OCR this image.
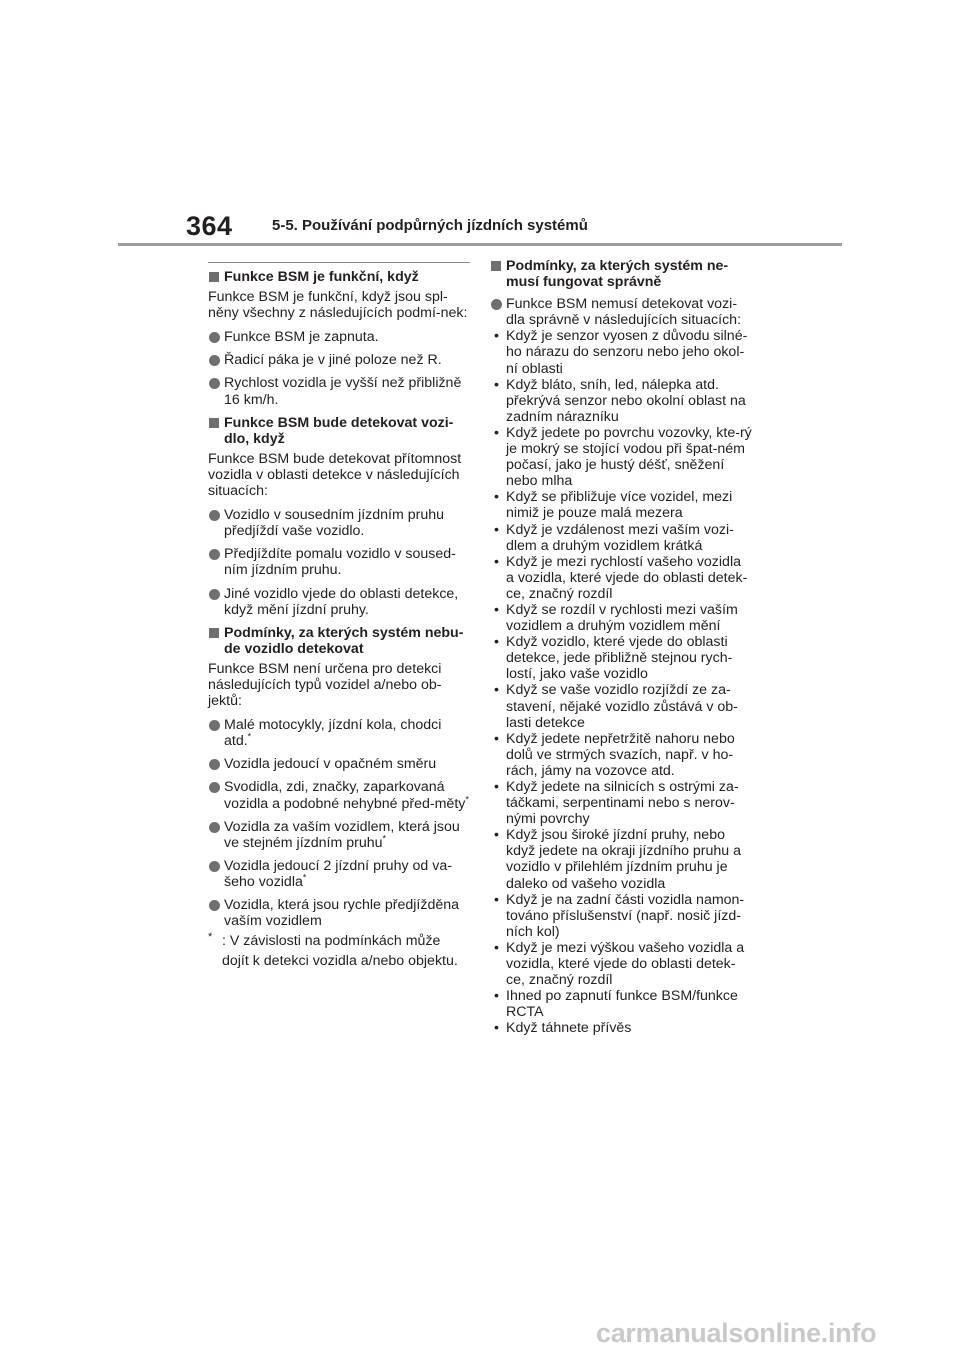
364	5-5. Používání podpůrných jízdních systémů
Funkce BSM je funkční, když

Funkce BSM je funkční, když jsou spl-něny všechny z následujících podmí-nek:

Funkce BSM je zapnuta.
Řadicí páka je v jiné poloze než R.
Rychlost vozidla je vyšší než přibližně 16 km/h.
Funkce BSM bude detekovat vozi-dlo, když

Funkce BSM bude detekovat přítomnost vozidla v oblasti detekce v následujících situacích:

Vozidlo v sousedním jízdním pruhu předjíždí vaše vozidlo.
Předjíždíte pomalu vozidlo v soused-ním jízdním pruhu.
Jiné vozidlo vjede do oblasti detekce, když mění jízdní pruhy.
Podmínky, za kterých systém nebu-de vozidlo detekovat

Funkce BSM není určena pro detekci následujících typů vozidel a/nebo ob-jektů:

Malé motocykly, jízdní kola, chodci atd.*
Vozidla jedoucí v opačném směru
Svodidla, zdi, značky, zaparkovaná vozidla a podobné nehybné před-měty*
Vozidla za vaším vozidlem, která jsou ve stejném jízdním pruhu*
Vozidla jedoucí 2 jízdní pruhy od va-šeho vozidla*
Vozidla, která jsou rychle předjížděna vaším vozidlem
* : V závislosti na podmínkách může dojít k detekci vozidla a/nebo objektu.
Podmínky, za kterých systém ne-musí fungovat správně
Funkce BSM nemusí detekovat vozi-dla správně v následujících situacích:
• Když je senzor vyosen z důvodu silné-ho nárazu do senzoru nebo jeho okol-ní oblasti
• Když bláto, sníh, led, nálepka atd. překrývá senzor nebo okolní oblast na zadním nárazníku
• Když jedete po povrchu vozovky, kte-rý je mokrý se stojící vodou při špat-ném počasí, jako je hustý déšť, sněžení nebo mlha
• Když se přibližuje více vozidel, mezi nimiž je pouze malá mezera
• Když je vzdálenost mezi vaším vozi-dlem a druhým vozidlem krátká
• Když je mezi rychlostí vašeho vozidla a vozidla, které vjede do oblasti detek-ce, značný rozdíl
• Když se rozdíl v rychlosti mezi vaším vozidlem a druhým vozidlem mění
• Když vozidlo, které vjede do oblasti detekce, jede přibližně stejnou rych-lostí, jako vaše vozidlo
• Když se vaše vozidlo rozjíždí ze za-stavení, nějaké vozidlo zůstává v ob-lasti detekce
• Když jedete nepřetržitě nahoru nebo dolů ve strmých svazích, např. v ho-rách, jámy na vozovce atd.
• Když jedete na silnicích s ostrými za-táčkami, serpentinami nebo s nerov-nými povrchy
• Když jsou široké jízdní pruhy, nebo když jedete na okraji jízdního pruhu a vozidlo v přilehlém jízdním pruhu je daleko od vašeho vozidla
• Když je na zadní části vozidla namon-továno příslušenství (např. nosič jízd-ních kol)
• Když je mezi výškou vašeho vozidla a vozidla, které vjede do oblasti detek-ce, značný rozdíl
• Ihned po zapnutí funkce BSM/funkce RCTA
• Když táhnete přívěs
carmanualsonline.info
